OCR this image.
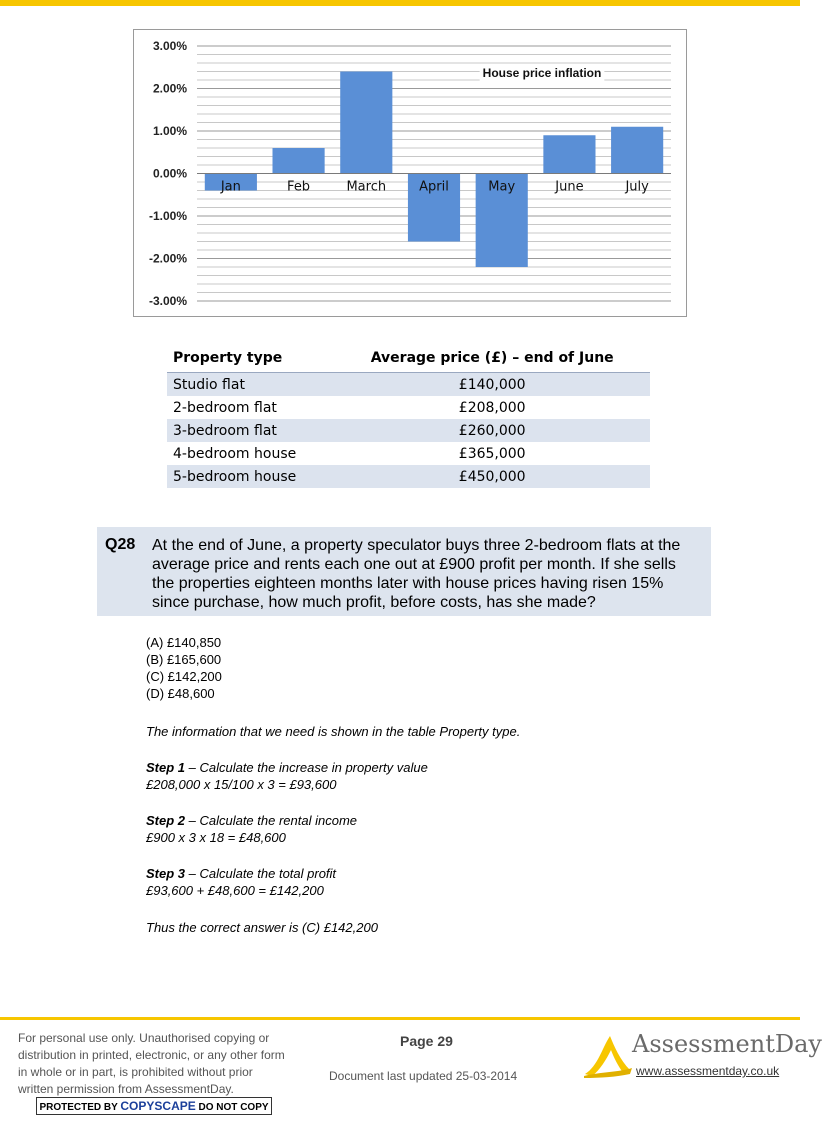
3.00%
2.00%
1.00%
0.00%
-1.00%
-2.00%
-3.00%
Jan	Feb	March	April	May	June	July
House price inflation
Property type	Average price (£) – end of June
Studio flat	£140,000
2-bedroom flat	£208,000
3-bedroom flat	£260,000
4-bedroom house	£365,000
5-bedroom house	£450,000
Q28 At the end of June, a property speculator buys three 2-bedroom flats at the average price and rents each one out at £900 profit per month. If she sells the properties eighteen months later with house prices having risen 15% since purchase, how much profit, before costs, has she made?
(A) £140,850
(B) £165,600
(C) £142,200
(D) £48,600
The information that we need is shown in the table Property type.
Step 1 – Calculate the increase in property value
£208,000 x 15/100 x 3 = £93,600
Step 2 – Calculate the rental income
£900 x 3 x 18 = £48,600
Step 3 – Calculate the total profit
£93,600 + £48,600 = £142,200
Thus the correct answer is (C) £142,200
For personal use only. Unauthorised copying or distribution in printed, electronic, or any other form in whole or in part, is prohibited without prior written permission from AssessmentDay.
PROTECTED BY COPYSCAPE DO NOT COPY
Page 29
Document last updated 25-03-2014
AssessmentDay
www.assessmentday.co.uk
